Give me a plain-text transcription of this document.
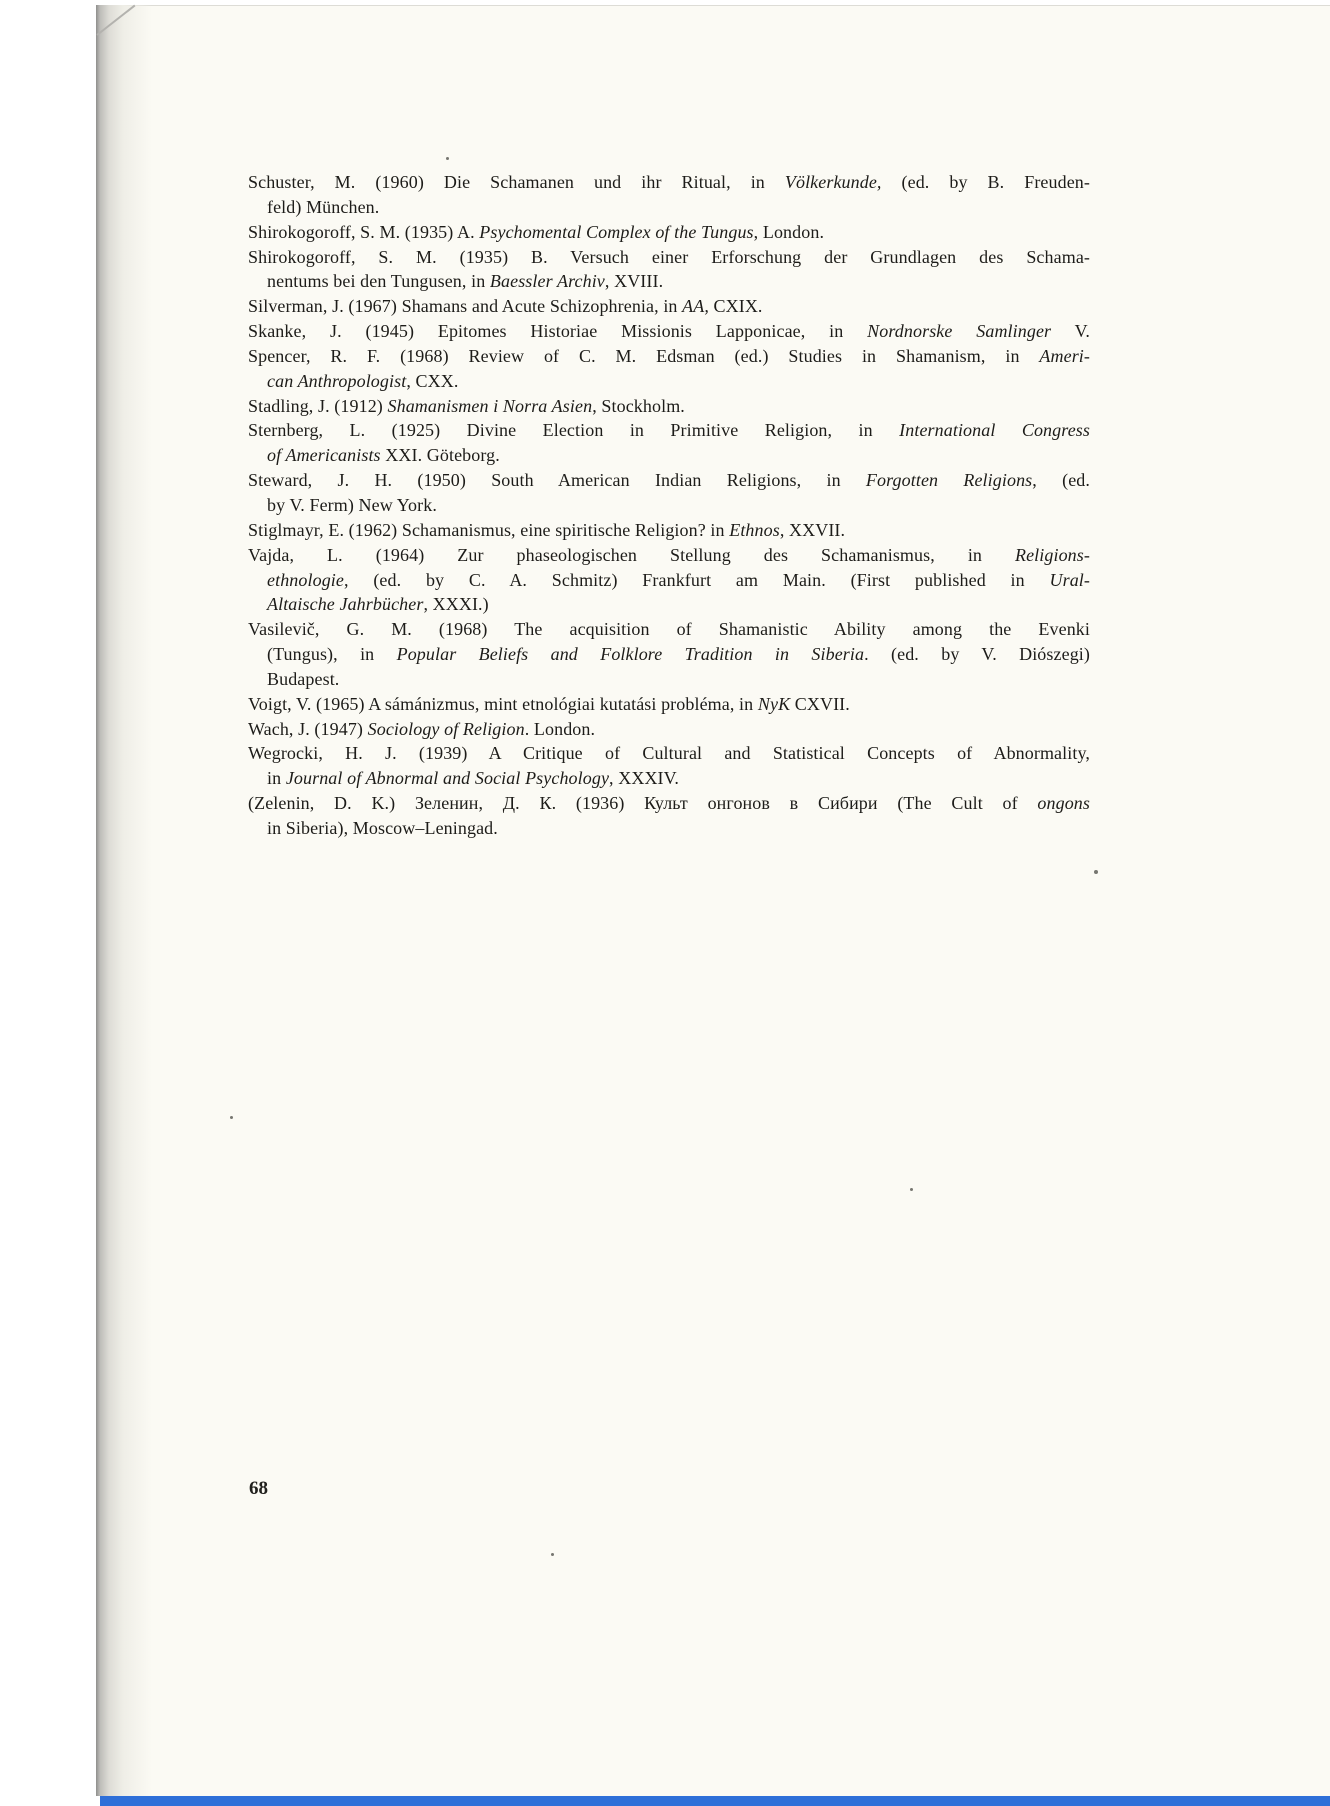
Schuster, M. (1960) Die Schamanen und ihr Ritual, in Völkerkunde, (ed. by B. Freuden-
feld) München.
Shirokogoroff, S. M. (1935) A. Psychomental Complex of the Tungus, London.
Shirokogoroff, S. M. (1935) B. Versuch einer Erforschung der Grundlagen des Schama-
nentums bei den Tungusen, in Baessler Archiv, XVIII.
Silverman, J. (1967) Shamans and Acute Schizophrenia, in AA, CXIX.
Skanke, J. (1945) Epitomes Historiae Missionis Lapponicae, in Nordnorske Samlinger V.
Spencer, R. F. (1968) Review of C. M. Edsman (ed.) Studies in Shamanism, in Ameri-
can Anthropologist, CXX.
Stadling, J. (1912) Shamanismen i Norra Asien, Stockholm.
Sternberg, L. (1925) Divine Election in Primitive Religion, in International Congress
of Americanists XXI. Göteborg.
Steward, J. H. (1950) South American Indian Religions, in Forgotten Religions, (ed.
by V. Ferm) New York.
Stiglmayr, E. (1962) Schamanismus, eine spiritische Religion? in Ethnos, XXVII.
Vajda, L. (1964) Zur phaseologischen Stellung des Schamanismus, in Religions-
ethnologie, (ed. by C. A. Schmitz) Frankfurt am Main. (First published in Ural-
Altaische Jahrbücher, XXXI.)
Vasilevič, G. M. (1968) The acquisition of Shamanistic Ability among the Evenki
(Tungus), in Popular Beliefs and Folklore Tradition in Siberia. (ed. by V. Diószegi)
Budapest.
Voigt, V. (1965) A sámánizmus, mint etnológiai kutatási probléma, in NyK CXVII.
Wach, J. (1947) Sociology of Religion. London.
Wegrocki, H. J. (1939) A Critique of Cultural and Statistical Concepts of Abnormality,
in Journal of Abnormal and Social Psychology, XXXIV.
(Zelenin, D. K.) Зеленин, Д. К. (1936) Культ онгонов в Сибири (The Cult of ongons
in Siberia), Moscow–Leningad.
68
